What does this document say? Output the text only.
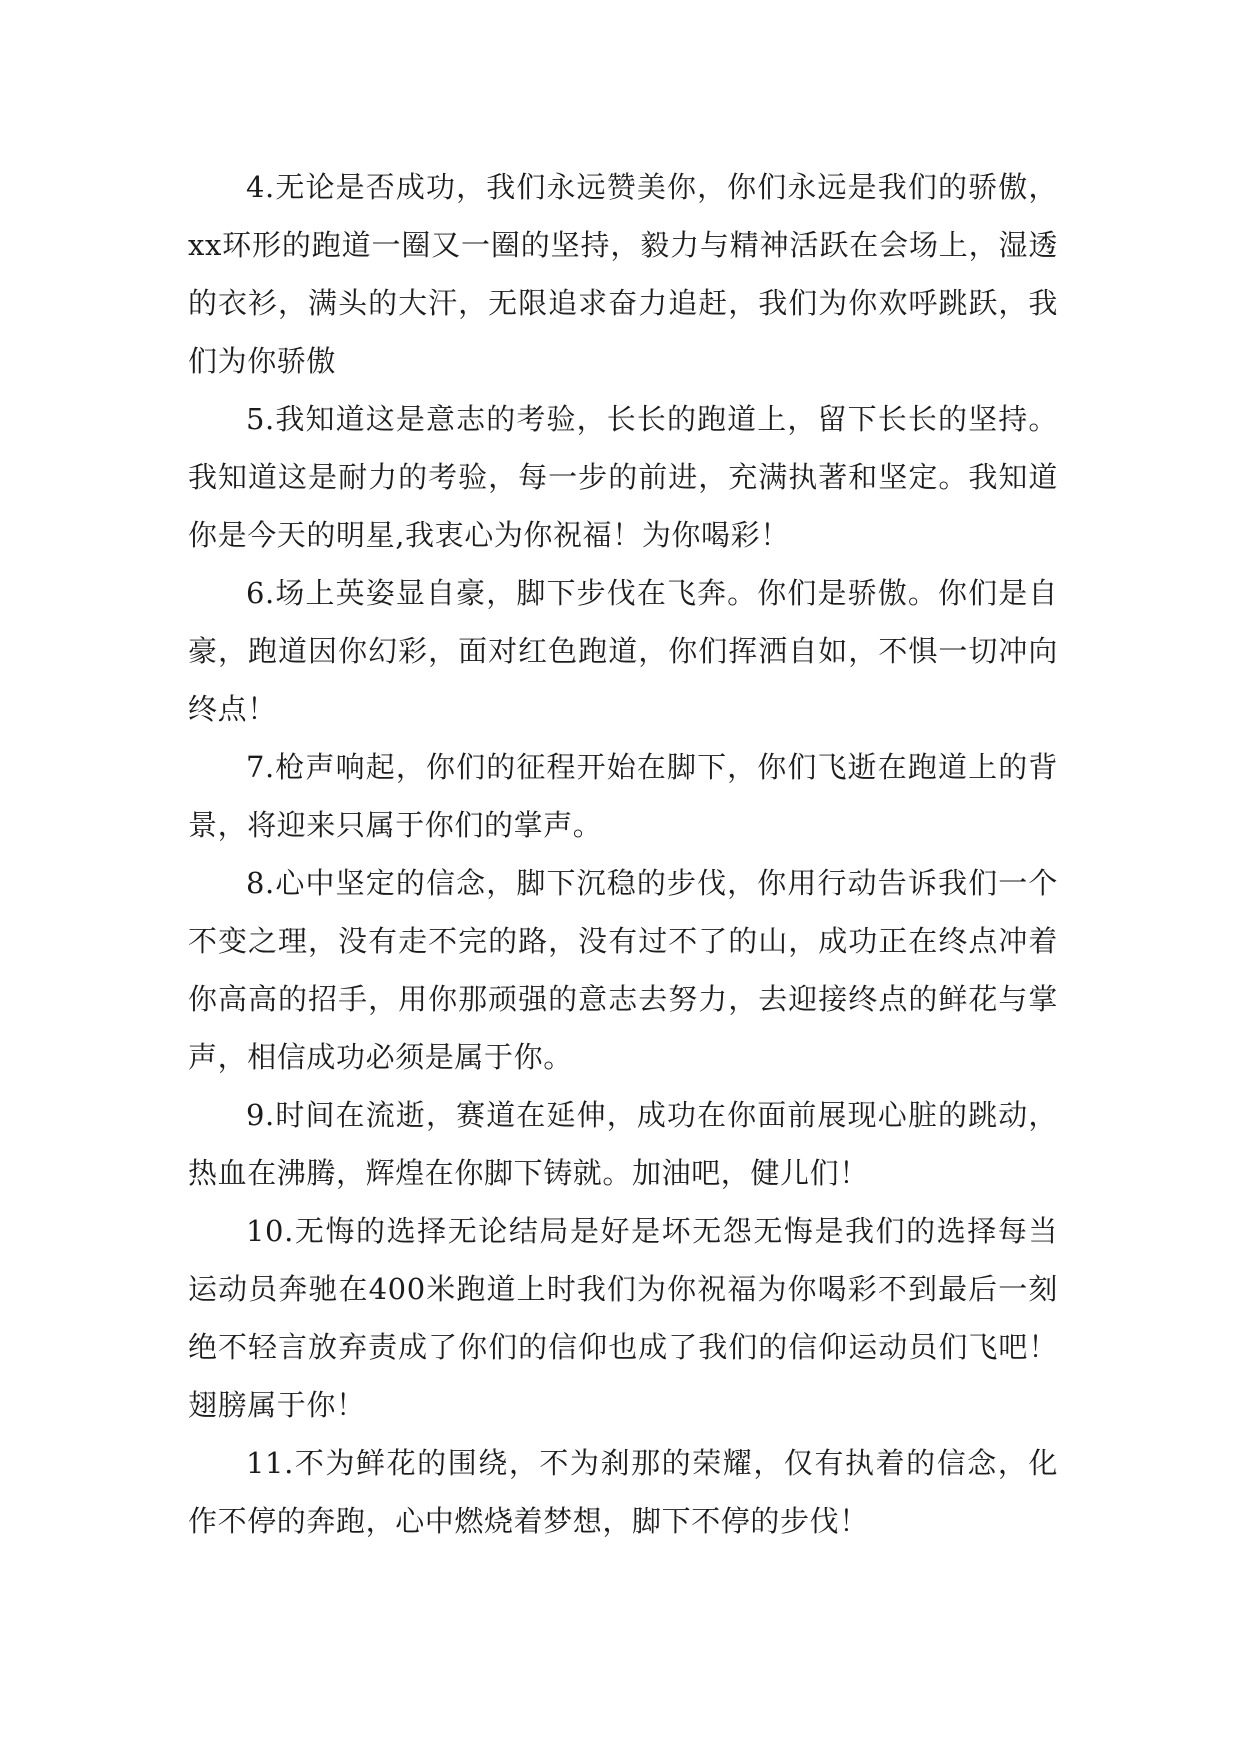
4.无论是否成功，我们永远赞美你，你们永远是我们的骄傲，xx环形的跑道一圈又一圈的坚持，毅力与精神活跃在会场上，湿透的衣衫，满头的大汗，无限追求奋力追赶，我们为你欢呼跳跃，我们为你骄傲

5.我知道这是意志的考验，长长的跑道上，留下长长的坚持。我知道这是耐力的考验，每一步的前进，充满执著和坚定。我知道你是今天的明星,我衷心为你祝福！为你喝彩！

6.场上英姿显自豪，脚下步伐在飞奔。你们是骄傲。你们是自豪，跑道因你幻彩，面对红色跑道，你们挥洒自如，不惧一切冲向终点！

7.枪声响起，你们的征程开始在脚下，你们飞逝在跑道上的背景，将迎来只属于你们的掌声。

8.心中坚定的信念，脚下沉稳的步伐，你用行动告诉我们一个不变之理，没有走不完的路，没有过不了的山，成功正在终点冲着你高高的招手，用你那顽强的意志去努力，去迎接终点的鲜花与掌声，相信成功必须是属于你。

9.时间在流逝，赛道在延伸，成功在你面前展现心脏的跳动，热血在沸腾，辉煌在你脚下铸就。加油吧，健儿们！

10.无悔的选择无论结局是好是坏无怨无悔是我们的选择每当运动员奔驰在400米跑道上时我们为你祝福为你喝彩不到最后一刻绝不轻言放弃责成了你们的信仰也成了我们的信仰运动员们飞吧！翅膀属于你！

11.不为鲜花的围绕，不为刹那的荣耀，仅有执着的信念，化作不停的奔跑，心中燃烧着梦想，脚下不停的步伐！
